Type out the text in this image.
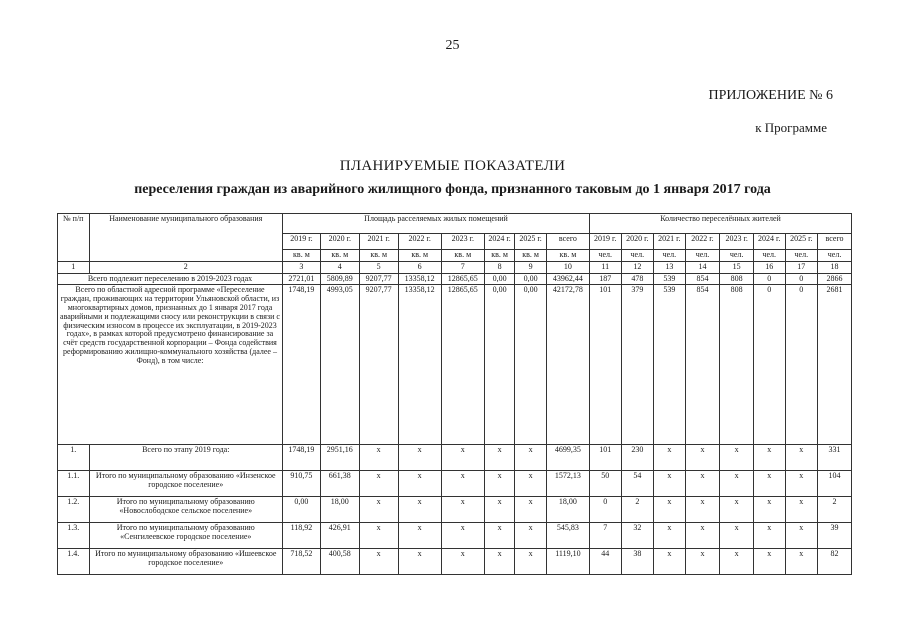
25
ПРИЛОЖЕНИЕ № 6
к Программе
ПЛАНИРУЕМЫЕ ПОКАЗАТЕЛИ
переселения граждан из аварийного жилищного фонда, признанного таковым до 1 января 2017 года
№ п/п	Наименование муниципального образования	Площадь расселяемых жилых помещений								Количество переселённых жителей							
		2019 г.	2020 г.	2021 г.	2022 г.	2023 г.	2024 г.	2025 г.	всего	2019 г.	2020 г.	2021 г.	2022 г.	2023 г.	2024 г.	2025 г.	всего
		кв. м	кв. м	кв. м	кв. м	кв. м	кв. м	кв. м	кв. м	чел.	чел.	чел.	чел.	чел.	чел.	чел.	чел.
1	2	3	4	5	6	7	8	9	10	11	12	13	14	15	16	17	18
Всего подлежит переселению в 2019-2023 годах		2721,01	5809,89	9207,77	13358,12	12865,65	0,00	0,00	43962,44	187	478	539	854	808	0	0	2866
Всего по областной адресной программе «Переселение граждан, проживающих на территории Ульяновской области, из многоквартирных домов, признанных до 1 января 2017 года аварийными и подлежащими сносу или реконструкции в связи с физическим износом в процессе их эксплуатации, в 2019-2023 годах», в рамках которой предусмотрено финансирование за счёт средств государственной корпорации – Фонда содействия реформированию жилищно-коммунального хозяйства (далее – Фонд), в том числе:		1748,19	4993,05	9207,77	13358,12	12865,65	0,00	0,00	42172,78	101	379	539	854	808	0	0	2681
1.	Всего по этапу 2019 года:	1748,19	2951,16	x	x	x	x	x	4699,35	101	230	x	x	x	x	x	331
1.1.	Итого по муниципальному образованию «Инзенское городское поселение»	910,75	661,38	x	x	x	x	x	1572,13	50	54	x	x	x	x	x	104
1.2.	Итого по муниципальному образованию «Новослободское сельское поселение»	0,00	18,00	x	x	x	x	x	18,00	0	2	x	x	x	x	x	2
1.3.	Итого по муниципальному образованию «Сенгилеевское городское поселение»	118,92	426,91	x	x	x	x	x	545,83	7	32	x	x	x	x	x	39
1.4.	Итого по муниципальному образованию «Ишеевское городское поселение»	718,52	400,58	x	x	x	x	x	1119,10	44	38	x	x	x	x	x	82
